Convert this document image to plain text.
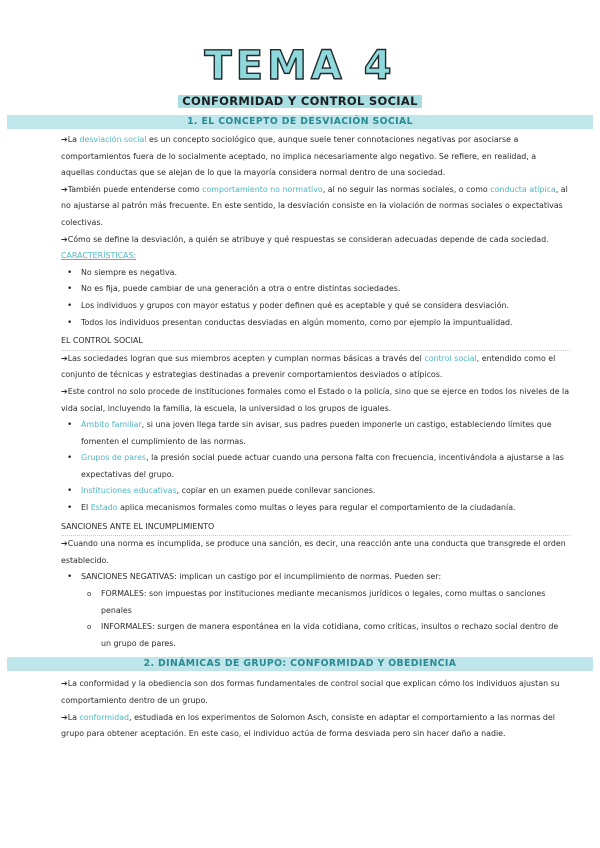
TEMA 4
CONFORMIDAD Y CONTROL SOCIAL
1. EL CONCEPTO DE DESVIACIÓN SOCIAL

➔La desviación social es un concepto sociológico que, aunque suele tener connotaciones negativas por asociarse a comportamientos fuera de lo socialmente aceptado, no implica necesariamente algo negativo. Se refiere, en realidad, a aquellas conductas que se alejan de lo que la mayoría considera normal dentro de una sociedad.

➔También puede entenderse como comportamiento no normativo, al no seguir las normas sociales, o como conducta atípica, al no ajustarse al patrón más frecuente. En este sentido, la desviación consiste en la violación de normas sociales o expectativas colectivas.

➔Cómo se define la desviación, a quién se atribuye y qué respuestas se consideran adecuadas depende de cada sociedad.

CARACTERÍSTICAS:
• No siempre es negativa.
• No es fija, puede cambiar de una generación a otra o entre distintas sociedades.
• Los individuos y grupos con mayor estatus y poder definen qué es aceptable y qué se considera desviación.
• Todos los individuos presentan conductas desviadas en algún momento, como por ejemplo la impuntualidad.
EL CONTROL SOCIAL

➔Las sociedades logran que sus miembros acepten y cumplan normas básicas a través del control social, entendido como el conjunto de técnicas y estrategias destinadas a prevenir comportamientos desviados o atípicos.

➔Este control no solo procede de instituciones formales como el Estado o la policía, sino que se ejerce en todos los niveles de la vida social, incluyendo la familia, la escuela, la universidad o los grupos de iguales.

• Ámbito familiar, si una joven llega tarde sin avisar, sus padres pueden imponerle un castigo, estableciendo límites que fomenten el cumplimiento de las normas.
• Grupos de pares, la presión social puede actuar cuando una persona falta con frecuencia, incentivándola a ajustarse a las expectativas del grupo.
• Instituciones educativas, copiar en un examen puede conllevar sanciones.
• El Estado aplica mecanismos formales como multas o leyes para regular el comportamiento de la ciudadanía.
SANCIONES ANTE EL INCUMPLIMIENTO

➔Cuando una norma es incumplida, se produce una sanción, es decir, una reacción ante una conducta que transgrede el orden establecido.

• SANCIONES NEGATIVAS: implican un castigo por el incumplimiento de normas. Pueden ser:
o FORMALES: son impuestas por instituciones mediante mecanismos jurídicos o legales, como multas o sanciones penales
o INFORMALES: surgen de manera espontánea en la vida cotidiana, como críticas, insultos o rechazo social dentro de un grupo de pares.
2. DINÁMICAS DE GRUPO: CONFORMIDAD Y OBEDIENCIA

➔La conformidad y la obediencia son dos formas fundamentales de control social que explican cómo los individuos ajustan su comportamiento dentro de un grupo.

➔La conformidad, estudiada en los experimentos de Solomon Asch, consiste en adaptar el comportamiento a las normas del grupo para obtener aceptación. En este caso, el individuo actúa de forma desviada pero sin hacer daño a nadie.
